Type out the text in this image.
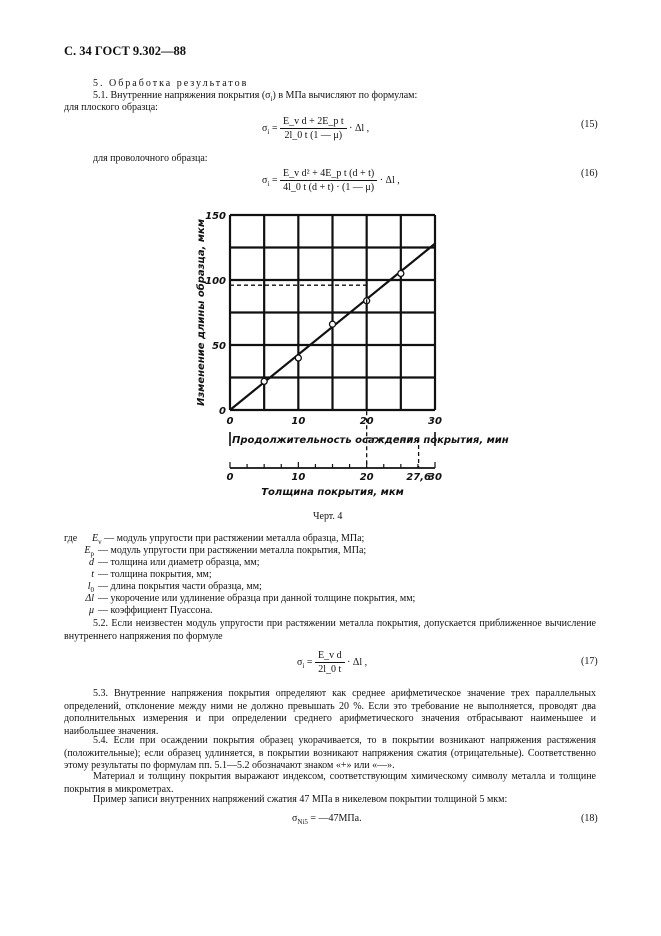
С. 34 ГОСТ 9.302—88
5. Обработка результатов
5.1. Внутренние напряжения покрытия $(\sigma_i)$ в МПа вычисляют по формулам:
для плоского образца:
$\sigma_i = \frac{\text{E\_v d + 2E\_p t}}{2l\_0 t (1 — \mu)} \cdot \Delta l$ ,	(15)
для проволочного образца:
$\sigma_i = \frac{\text{E\_v d² + 4E\_p t (d + t)}}{4l\_0 t (d + t) \cdot (1 — \mu)} \cdot \Delta l$ ,
(16)
0
50
100
150
0	10	20	30
Изменение длины образца, мкм
Продолжительность осаждения покрытия, мин
0	10	20	27,6
30
Толщина покрытия, мкм
Черт. 4
где $E_v$ — модуль упругости при растяжении металла образца, МПа;
$E_p$ — модуль упругости при растяжении металла покрытия, МПа;
d — толщина или диаметр образца, мм;
t — толщина покрытия, мм;
$l_0$ — длина покрытия части образца, мм;
Δl — укорочение или удлинение образца при данной толщине покрытия, мм;
μ — коэффициент Пуассона.
5.2. Если неизвестен модуль упругости при растяжении металла покрытия, допускается приближенное вычисление внутреннего напряжения по формуле
$\sigma_i = \frac{\text{E\_v d}}{2l\_0 t} \cdot \Delta l$ ,	(17)
5.3. Внутренние напряжения покрытия определяют как среднее арифметическое значение трех параллельных определений, отклонение между ними не должно превышать 20 %. Если это требование не выполняется, проводят два дополнительных измерения и при определении среднего арифметического значения отбрасывают наименьшее и наибольшее значения.
5.4. Если при осаждении покрытия образец укорачивается, то в покрытии возникают напряжения растяжения (положительные); если образец удлиняется, в покрытии возникают напряжения сжатия (отрицательные). Соответственно этому результаты по формулам пп. 5.1—5.2 обозначают знаком «+» или «—».
Материал и толщину покрытия выражают индексом, соответствующим химическому символу металла и толщине покрытия в микрометрах.
Пример записи внутренних напряжений сжатия 47 МПа в никелевом покрытии толщиной 5 мкм:
$\sigma_{Ni5}$ = —47МПа.	(18)
